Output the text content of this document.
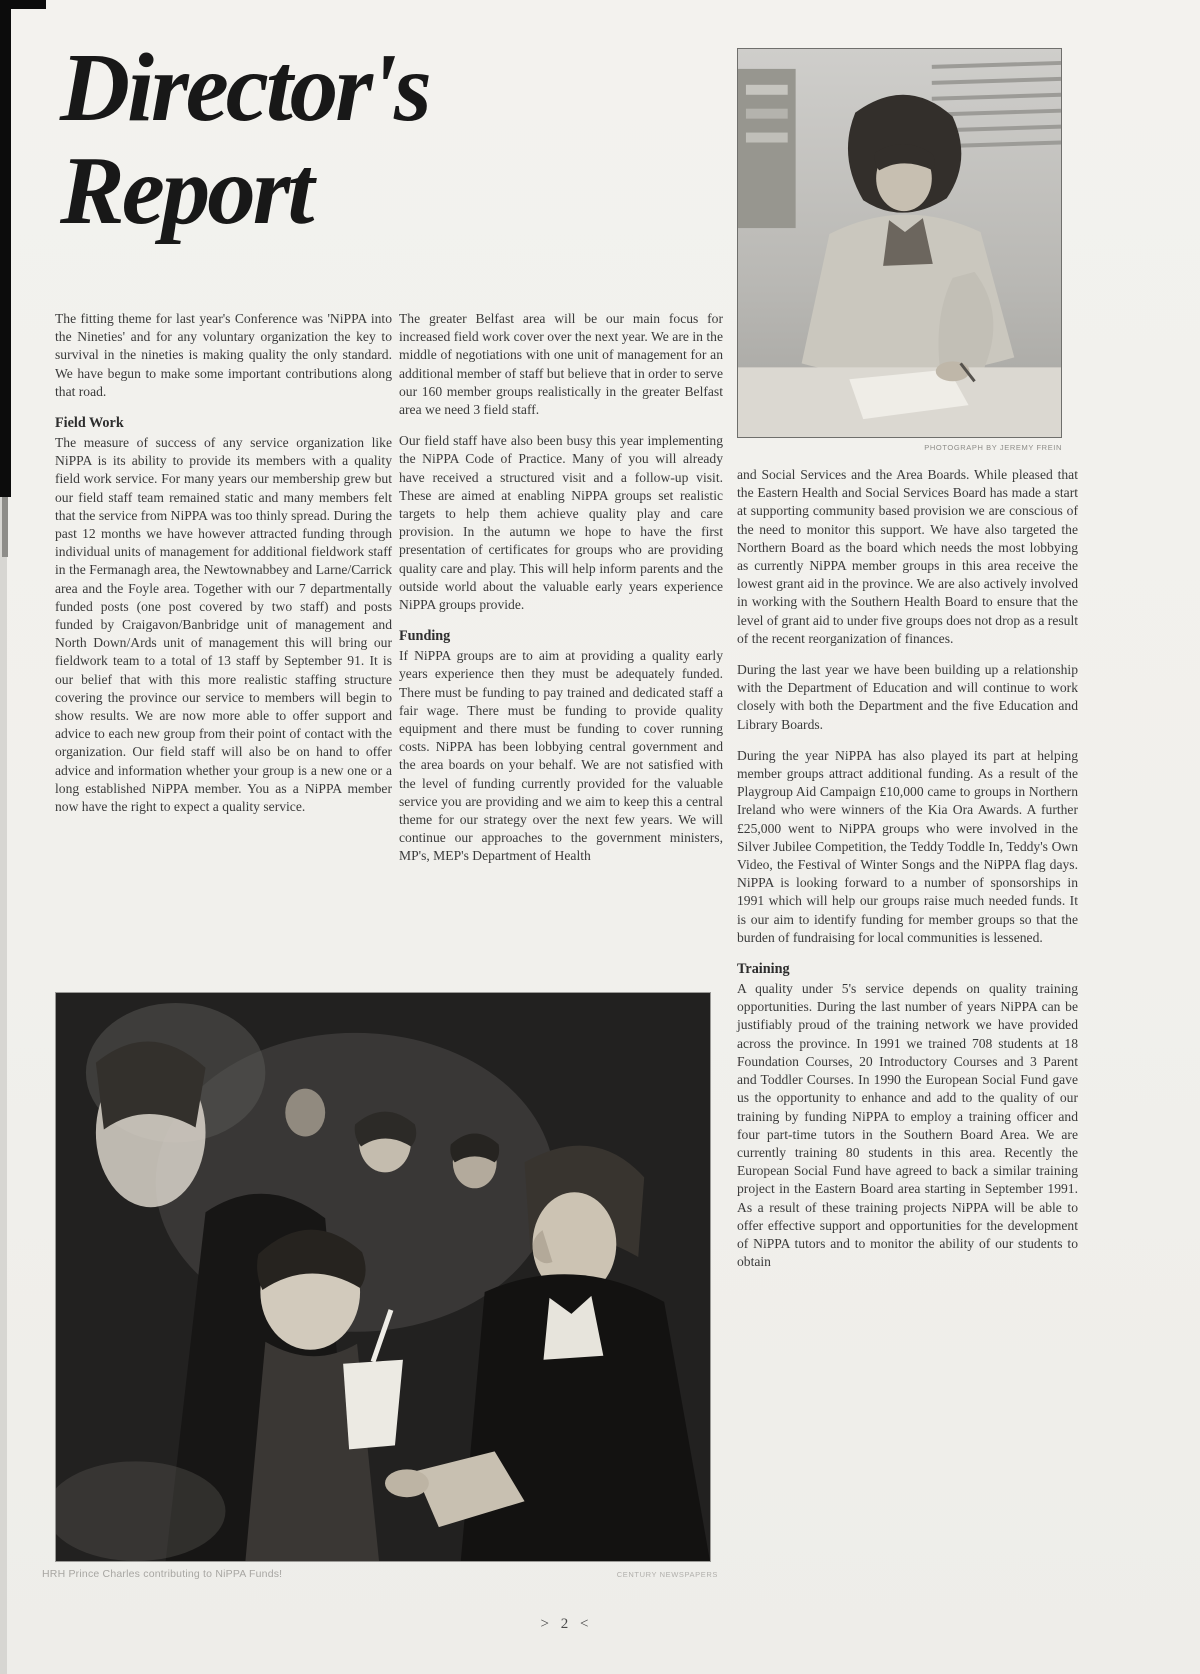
Director's
Report
PHOTOGRAPH BY JEREMY FREIN

The fitting theme for last year's Conference was 'NiPPA into the Nineties' and for any voluntary organization the key to survival in the nineties is making quality the only standard. We have begun to make some important contributions along that road.

Field Work

The measure of success of any service organization like NiPPA is its ability to provide its members with a quality field work service. For many years our membership grew but our field staff team remained static and many members felt that the service from NiPPA was too thinly spread. During the past 12 months we have however attracted funding through individual units of management for additional fieldwork staff in the Fermanagh area, the Newtownabbey and Larne/Carrick area and the Foyle area. Together with our 7 departmentally funded posts (one post covered by two staff) and posts funded by Craigavon/Banbridge unit of management and North Down/Ards unit of management this will bring our fieldwork team to a total of 13 staff by September 91. It is our belief that with this more realistic staffing structure covering the province our service to members will begin to show results. We are now more able to offer support and advice to each new group from their point of contact with the organization. Our field staff will also be on hand to offer advice and information whether your group is a new one or a long established NiPPA member. You as a NiPPA member now have the right to expect a quality service.

The greater Belfast area will be our main focus for increased field work cover over the next year. We are in the middle of negotiations with one unit of management for an additional member of staff but believe that in order to serve our 160 member groups realistically in the greater Belfast area we need 3 field staff.

Our field staff have also been busy this year implementing the NiPPA Code of Practice. Many of you will already have received a structured visit and a follow-up visit. These are aimed at enabling NiPPA groups set realistic targets to help them achieve quality play and care provision. In the autumn we hope to have the first presentation of certificates for groups who are providing quality care and play. This will help inform parents and the outside world about the valuable early years experience NiPPA groups provide.

Funding

If NiPPA groups are to aim at providing a quality early years experience then they must be adequately funded. There must be funding to pay trained and dedicated staff a fair wage. There must be funding to provide quality equipment and there must be funding to cover running costs. NiPPA has been lobbying central government and the area boards on your behalf. We are not satisfied with the level of funding currently provided for the valuable service you are providing and we aim to keep this a central theme for our strategy over the next few years. We will continue our approaches to the government ministers, MP's, MEP's Department of Health

and Social Services and the Area Boards. While pleased that the Eastern Health and Social Services Board has made a start at supporting community based provision we are conscious of the need to monitor this support. We have also targeted the Northern Board as the board which needs the most lobbying as currently NiPPA member groups in this area receive the lowest grant aid in the province. We are also actively involved in working with the Southern Health Board to ensure that the level of grant aid to under five groups does not drop as a result of the recent reorganization of finances.

During the last year we have been building up a relationship with the Department of Education and will continue to work closely with both the Department and the five Education and Library Boards.

During the year NiPPA has also played its part at helping member groups attract additional funding. As a result of the Playgroup Aid Campaign £10,000 came to groups in Northern Ireland who were winners of the Kia Ora Awards. A further £25,000 went to NiPPA groups who were involved in the Silver Jubilee Competition, the Teddy Toddle In, Teddy's Own Video, the Festival of Winter Songs and the NiPPA flag days. NiPPA is looking forward to a number of sponsorships in 1991 which will help our groups raise much needed funds. It is our aim to identify funding for member groups so that the burden of fundraising for local communities is lessened.

Training

A quality under 5's service depends on quality training opportunities. During the last number of years NiPPA can be justifiably proud of the training network we have provided across the province. In 1991 we trained 708 students at 18 Foundation Courses, 20 Introductory Courses and 3 Parent and Toddler Courses. In 1990 the European Social Fund gave us the opportunity to enhance and add to the quality of our training by funding NiPPA to employ a training officer and four part-time tutors in the Southern Board Area. We are currently training 80 students in this area. Recently the European Social Fund have agreed to back a similar training project in the Eastern Board area starting in September 1991. As a result of these training projects NiPPA will be able to offer effective support and opportunities for the development of NiPPA tutors and to monitor the ability of our students to obtain

HRH Prince Charles contributing to NiPPA Funds!	CENTURY NEWSPAPERS
> 2 <
